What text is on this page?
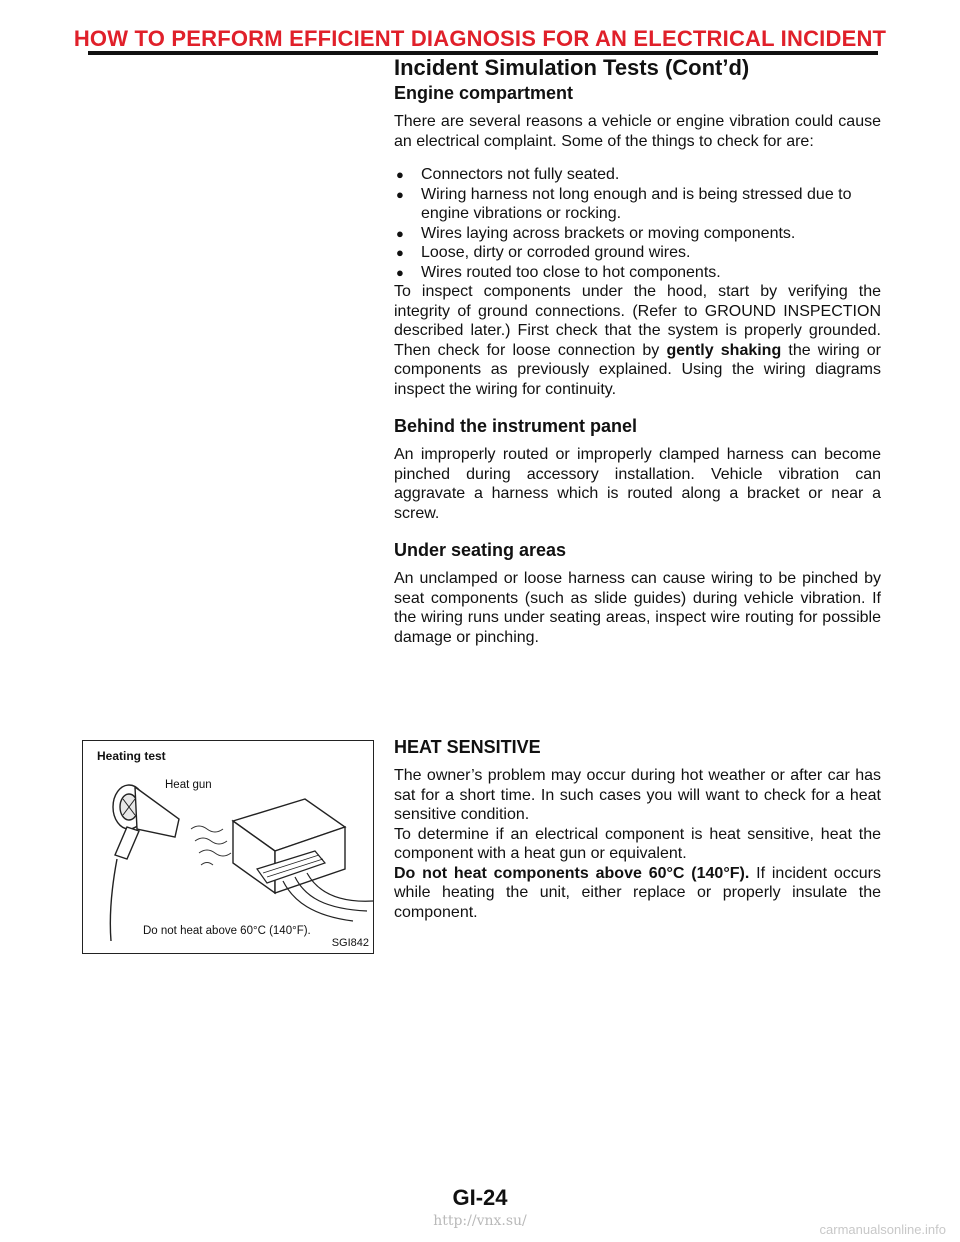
HOW TO PERFORM EFFICIENT DIAGNOSIS FOR AN ELECTRICAL INCIDENT
Incident Simulation Tests (Cont’d)
Engine compartment

There are several reasons a vehicle or engine vibration could cause an electrical complaint. Some of the things to check for are:

● Connectors not fully seated.
● Wiring harness not long enough and is being stressed due to engine vibrations or rocking.
● Wires laying across brackets or moving components.
● Loose, dirty or corroded ground wires.
● Wires routed too close to hot components.

To inspect components under the hood, start by verifying the integrity of ground connections. (Refer to GROUND INSPECTION described later.) First check that the system is properly grounded. Then check for loose connection by gently shaking the wiring or components as previously explained. Using the wiring diagrams inspect the wiring for continuity.

Behind the instrument panel

An improperly routed or improperly clamped harness can become pinched during accessory installation. Vehicle vibration can aggravate a harness which is routed along a bracket or near a screw.

Under seating areas

An unclamped or loose harness can cause wiring to be pinched by seat components (such as slide guides) during vehicle vibration. If the wiring runs under seating areas, inspect wire routing for possible damage or pinching.

HEAT SENSITIVE

The owner’s problem may occur during hot weather or after car has sat for a short time. In such cases you will want to check for a heat sensitive condition.

To determine if an electrical component is heat sensitive, heat the component with a heat gun or equivalent.

Do not heat components above 60°C (140°F). If incident occurs while heating the unit, either replace or properly insulate the component.

Heating test
Heat gun
Do not heat above 60°C (140°F).
SGI842
GI-24
http://vnx.su/
carmanualsonline.info
